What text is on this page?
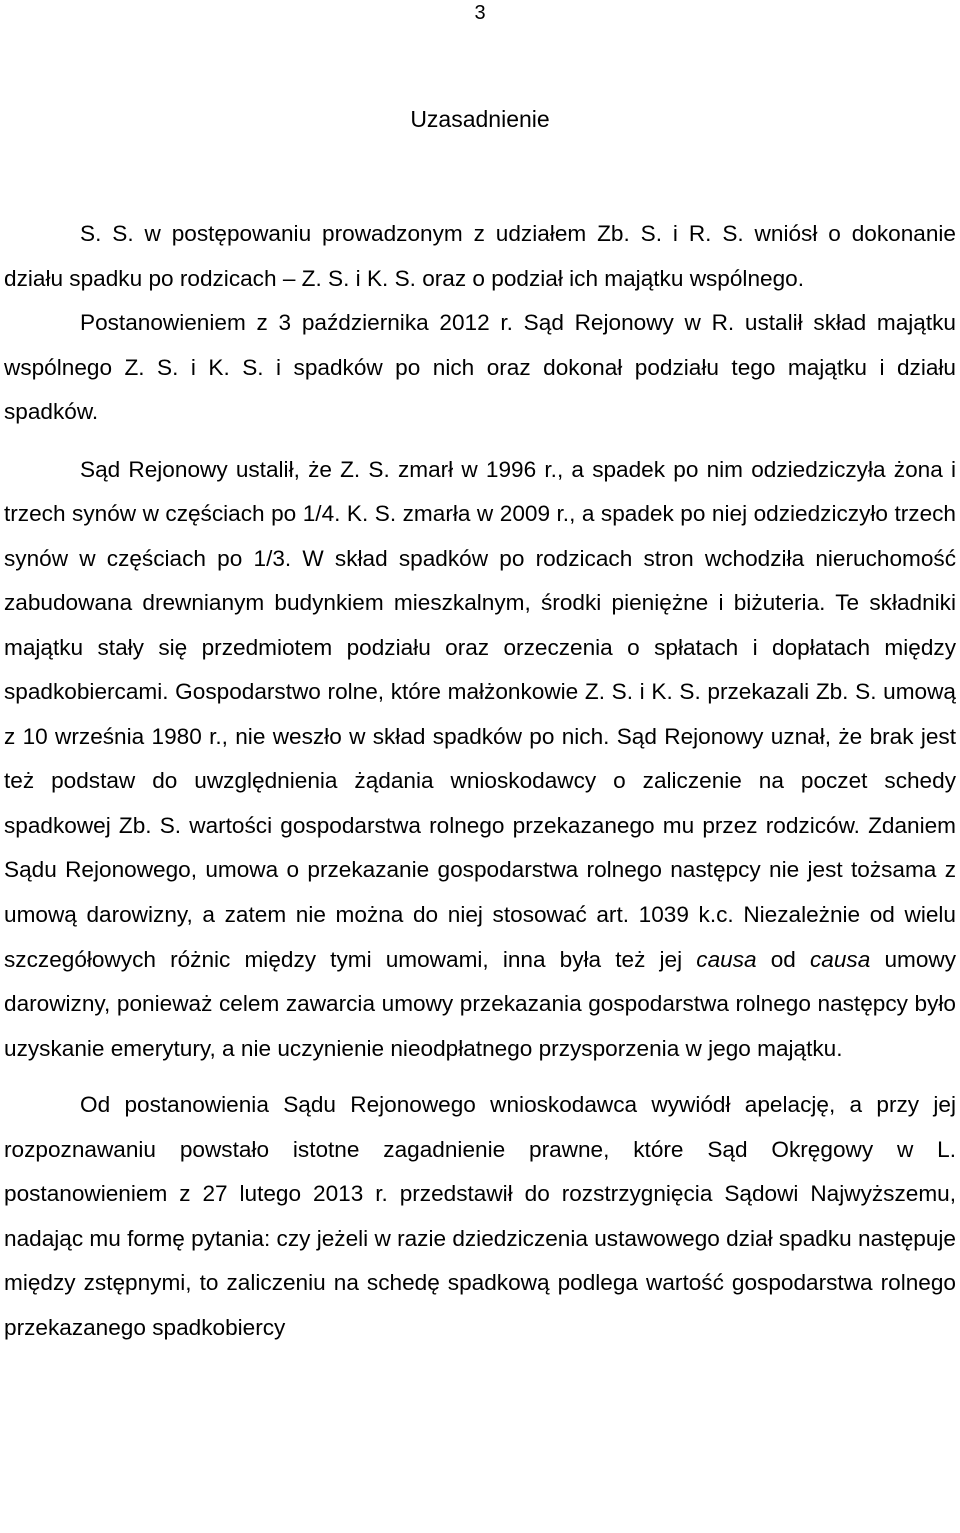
3
Uzasadnienie

S. S. w postępowaniu prowadzonym z udziałem Zb. S. i R. S. wniósł o dokonanie działu spadku po rodzicach – Z. S. i K. S. oraz o podział ich majątku wspólnego.

Postanowieniem z 3 października 2012 r. Sąd Rejonowy w R. ustalił skład majątku wspólnego Z. S. i K. S. i spadków po nich oraz dokonał podziału tego majątku i działu spadków.

Sąd Rejonowy ustalił, że Z. S. zmarł w 1996 r., a spadek po nim odziedziczyła żona i trzech synów w częściach po 1/4. K. S. zmarła w 2009 r., a spadek po niej odziedziczyło trzech synów w częściach po 1/3. W skład spadków po rodzicach stron wchodziła nieruchomość zabudowana drewnianym budynkiem mieszkalnym, środki pieniężne i biżuteria. Te składniki majątku stały się przedmiotem podziału oraz orzeczenia o spłatach i dopłatach między spadkobiercami. Gospodarstwo rolne, które małżonkowie Z. S. i K. S. przekazali Zb. S. umową z 10 września 1980 r., nie weszło w skład spadków po nich. Sąd Rejonowy uznał, że brak jest też podstaw do uwzględnienia żądania wnioskodawcy o zaliczenie na poczet schedy spadkowej Zb. S. wartości gospodarstwa rolnego przekazanego mu przez rodziców. Zdaniem Sądu Rejonowego, umowa o przekazanie gospodarstwa rolnego następcy nie jest tożsama z umową darowizny, a zatem nie można do niej stosować art. 1039 k.c. Niezależnie od wielu szczegółowych różnic między tymi umowami, inna była też jej causa od causa umowy darowizny, ponieważ celem zawarcia umowy przekazania gospodarstwa rolnego następcy było uzyskanie emerytury, a nie uczynienie nieodpłatnego przysporzenia w jego majątku.

Od postanowienia Sądu Rejonowego wnioskodawca wywiódł apelację, a przy jej rozpoznawaniu powstało istotne zagadnienie prawne, które Sąd Okręgowy w L. postanowieniem z 27 lutego 2013 r. przedstawił do rozstrzygnięcia Sądowi Najwyższemu, nadając mu formę pytania: czy jeżeli w razie dziedziczenia ustawowego dział spadku następuje między zstępnymi, to zaliczeniu na schedę spadkową podlega wartość gospodarstwa rolnego przekazanego spadkobiercy
